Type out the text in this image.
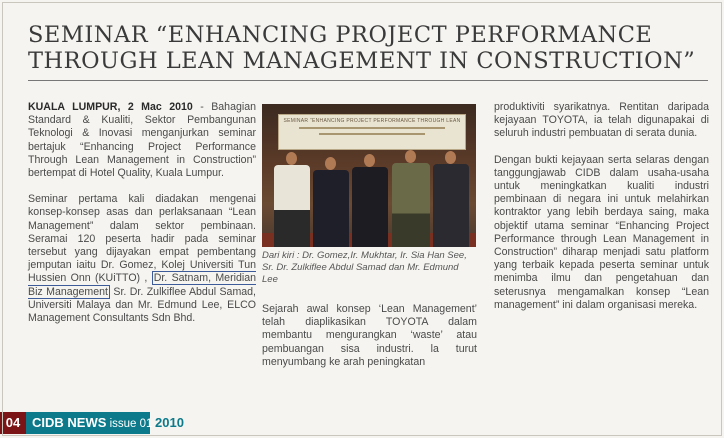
SEMINAR “ENHANCING PROJECT PERFORMANCE
THROUGH LEAN MANAGEMENT IN CONSTRUCTION”

KUALA LUMPUR, 2 Mac 2010 - Bahagian Standard & Kualiti, Sektor Pembangunan Teknologi & Inovasi menganjurkan seminar bertajuk “Enhancing Project Performance Through Lean Management in Construction” bertempat di Hotel Quality, Kuala Lumpur.

Seminar pertama kali diadakan mengenai konsep-konsep asas dan perlaksanaan “Lean Management” dalam sektor pembinaan. Seramai 120 peserta hadir pada seminar tersebut yang dijayakan empat pembentang jemputan iaitu Dr. Gomez, Kolej Universiti Tun Hussien Onn (KUiTTO) , Dr. Satnam, Meridian Biz Management Sr. Dr. Zulkiflee Abdul Samad, Universiti Malaya dan Mr. Edmund Lee, ELCO Management Consultants Sdn Bhd.

SEMINAR “ENHANCING PROJECT PERFORMANCE THROUGH LEAN
Dari kiri : Dr. Gomez,Ir. Mukhtar, Ir. Sia Han See, Sr. Dr. Zulkiflee Abdul Samad dan Mr. Edmund Lee

Sejarah awal konsep ‘Lean Management’ telah diaplikasikan TOYOTA dalam membantu mengurangkan ‘waste’ atau pembuangan sisa industri. la turut menyumbang ke arah peningkatan

produktiviti syarikatnya. Rentitan daripada kejayaan TOYOTA, ia telah digunapakai di seluruh industri pembuatan di serata dunia.

Dengan bukti kejayaan serta selaras dengan tanggungjawab CIDB dalam usaha-usaha untuk meningkatkan kualiti industri pembinaan di negara ini untuk melahirkan kontraktor yang lebih berdaya saing, maka objektif utama seminar “Enhancing Project Performance through Lean Management in Construction” diharap menjadi satu platform yang terbaik kepada peserta seminar untuk menimba ilmu dan pengetahuan dan seterusnya mengamalkan konsep “Lean management” ini dalam organisasi mereka.

04 CIDB NEWS issue 01 2010
